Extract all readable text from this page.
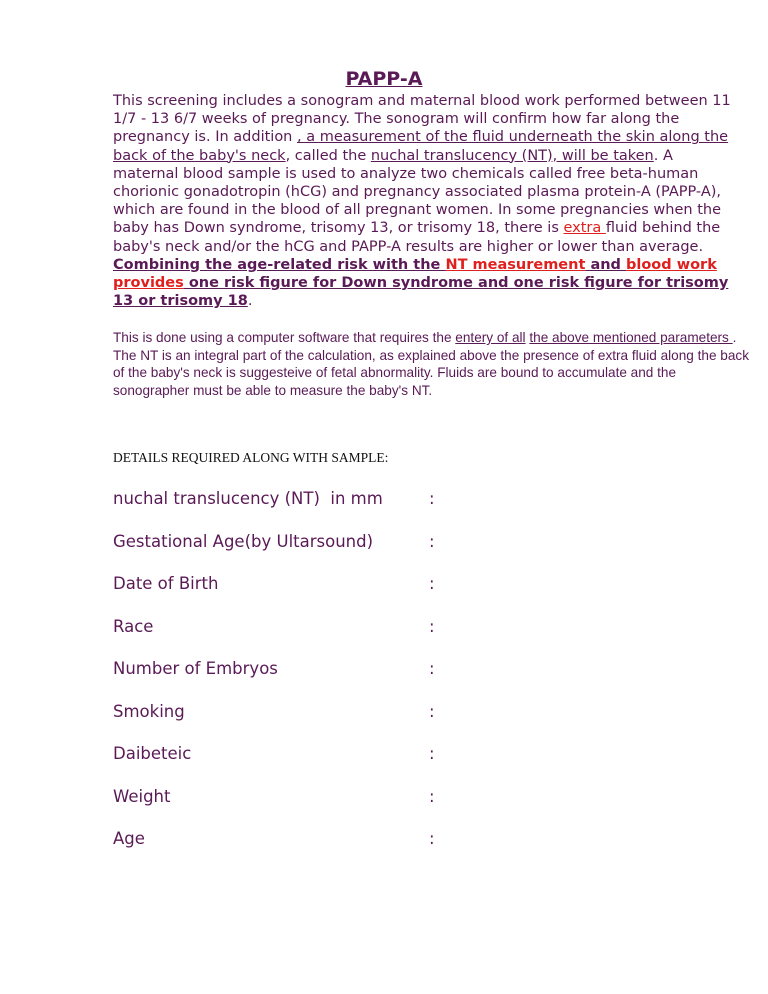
PAPP-A
This screening includes a sonogram and maternal blood work performed between 11 1/7 - 13 6/7 weeks of pregnancy. The sonogram will confirm how far along the pregnancy is. In addition , a measurement of the fluid underneath the skin along the back of the baby's neck, called the nuchal translucency (NT), will be taken. A maternal blood sample is used to analyze two chemicals called free beta-human chorionic gonadotropin (hCG) and pregnancy associated plasma protein-A (PAPP-A), which are found in the blood of all pregnant women. In some pregnancies when the baby has Down syndrome, trisomy 13, or trisomy 18, there is extra fluid behind the baby's neck and/or the hCG and PAPP-A results are higher or lower than average. Combining the age-related risk with the NT measurement and blood work provides one risk figure for Down syndrome and one risk figure for trisomy 13 or trisomy 18.
This is done using a computer software that requires the entery of all the above mentioned parameters .
The NT is an integral part of the calculation, as explained above the presence of extra fluid along the back of the baby's neck is suggesteive of fetal abnormality. Fluids are bound to accumulate and the sonographer must be able to measure the baby's NT.
DETAILS REQUIRED ALONG WITH SAMPLE:
nuchal translucency (NT)  in mm	:
Gestational Age(by Ultarsound)	:
Date of Birth	:
Race	:
Number of Embryos	:
Smoking	:
Daibeteic	:
Weight	:
Age	:
